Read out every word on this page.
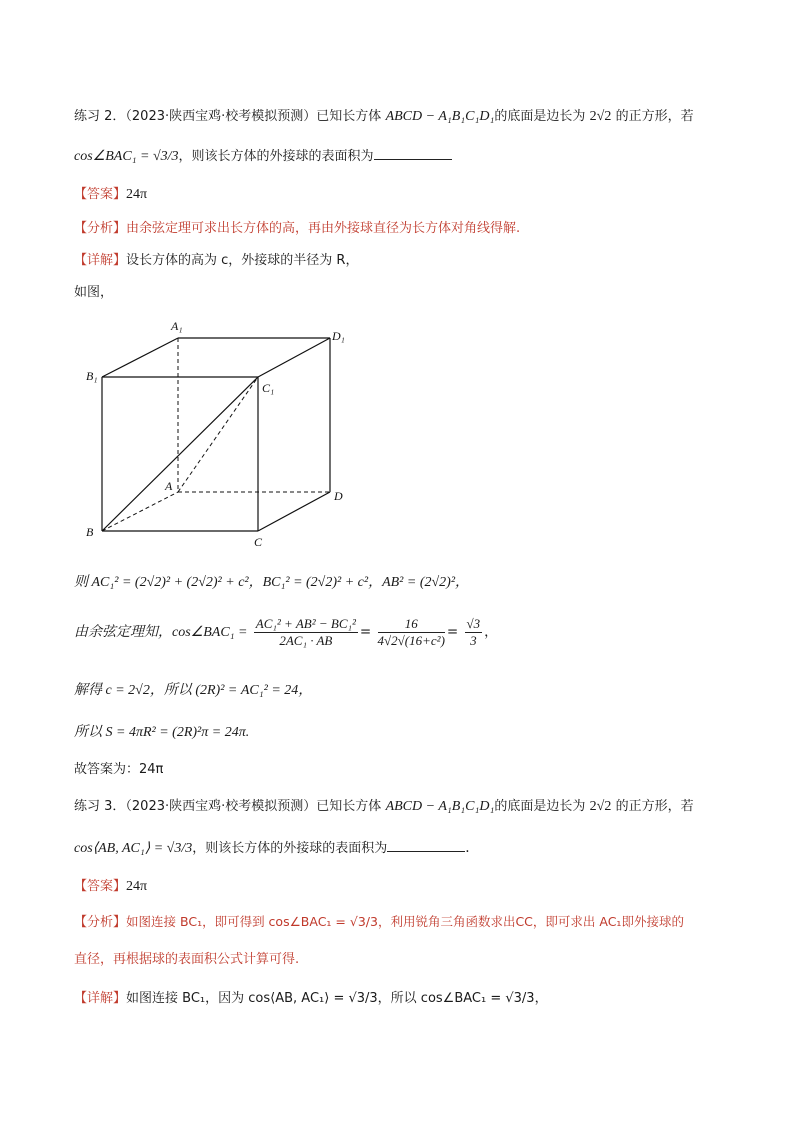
练习 2．（2023·陕西宝鸡·校考模拟预测）已知长方体 ABCD − A₁B₁C₁D₁的底面是边长为 2√2 的正方形，若
cos∠BAC₁ = √3/3，则该长方体的外接球的表面积为
【答案】24π
【分析】由余弦定理可求出长方体的高，再由外接球直径为长方体对角线得解.
【详解】设长方体的高为 c，外接球的半径为 R，
如图，
A₁
D₁
B₁
C₁
A
D
B
C
则 AC₁² = (2√2)² + (2√2)² + c²，BC₁² = (2√2)² + c²，AB² = (2√2)²，
由余弦定理知，cos∠BAC₁ = $\frac{\text{AC₁² + AB² − BC₁²}}{\text{2AC₁ · AB}} = \frac{16}{\text{4√2√(16+c²)}} = \frac{√3}{3}$ ，
解得 c = 2√2，所以 (2R)² = AC₁² = 24，
所以 S = 4πR² = (2R)²π = 24π.
故答案为：24π
练习 3．（2023·陕西宝鸡·校考模拟预测）已知长方体 ABCD − A₁B₁C₁D₁的底面是边长为 2√2 的正方形，若
cos⟨AB, AC₁⟩ = √3/3，则该长方体的外接球的表面积为	.
【答案】24π
【分析】如图连接 BC₁，即可得到 cos∠BAC₁ = √3/3，利用锐角三角函数求出CC，即可求出 AC₁即外接球的
直径，再根据球的表面积公式计算可得.
【详解】如图连接 BC₁，因为 cos⟨AB, AC₁⟩ = √3/3，所以 cos∠BAC₁ = √3/3，
